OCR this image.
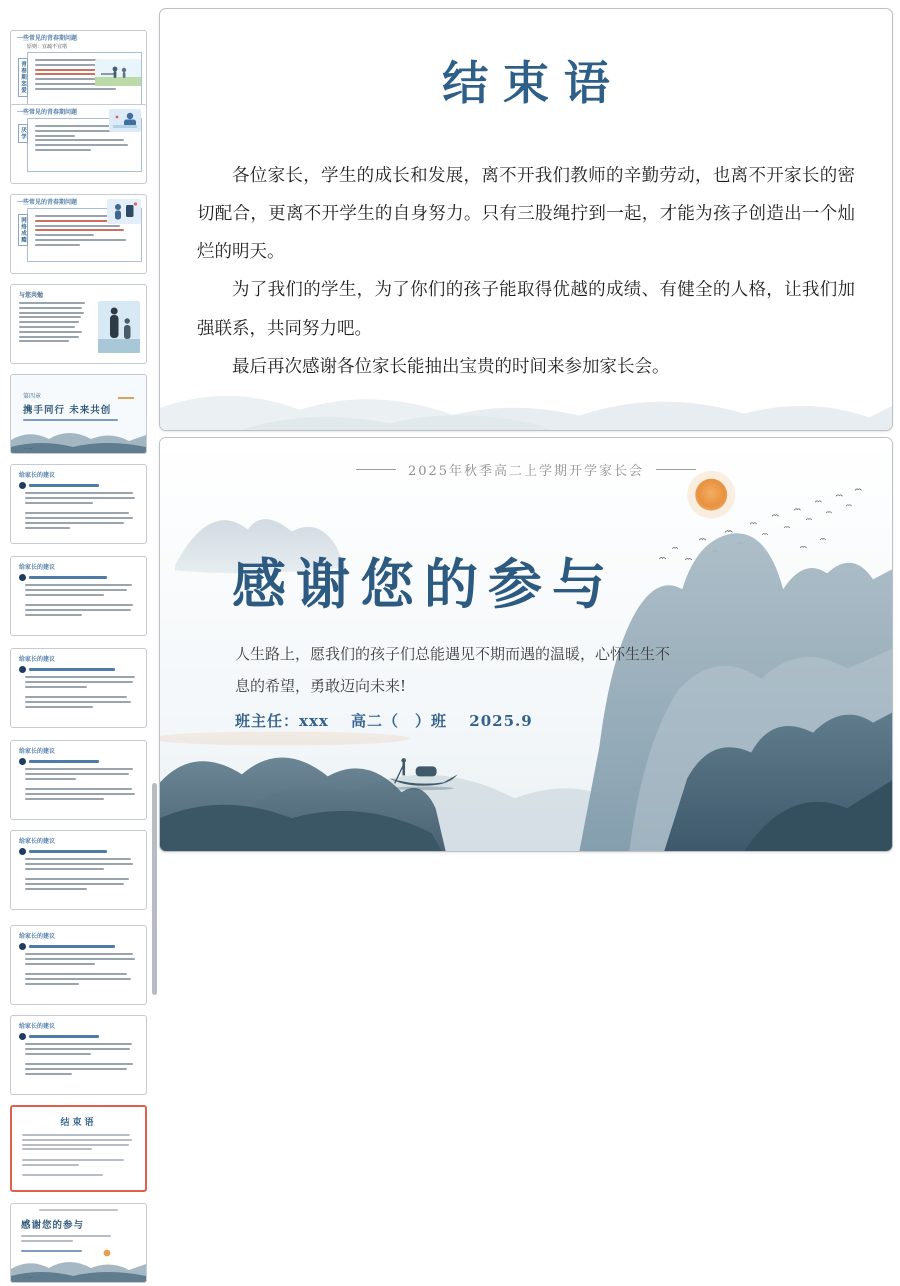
一些常见的青春期问题
原则：宜疏不宜堵
青春期恋爱
一些常见的青春期问题
厌学
一些常见的青春期问题
网络成瘾
与您共勉
第四章
携手同行 未来共创
给家长的建议
给家长的建议
给家长的建议
给家长的建议
给家长的建议
给家长的建议
给家长的建议
结束语
感谢您的参与
结束语

各位家长，学生的成长和发展，离不开我们教师的辛勤劳动，也离不开家长的密切配合，更离不开学生的自身努力。只有三股绳拧到一起，才能为孩子创造出一个灿烂的明天。

为了我们的学生，为了你们的孩子能取得优越的成绩、有健全的人格，让我们加强联系，共同努力吧。

最后再次感谢各位家长能抽出宝贵的时间来参加家长会。

2025年秋季高二上学期开学家长会
感谢您的参与

人生路上，愿我们的孩子们总能遇见不期而遇的温暖，心怀生生不息的希望，勇敢迈向未来!

班主任：xxx　 高二（　）班　 2025.9
